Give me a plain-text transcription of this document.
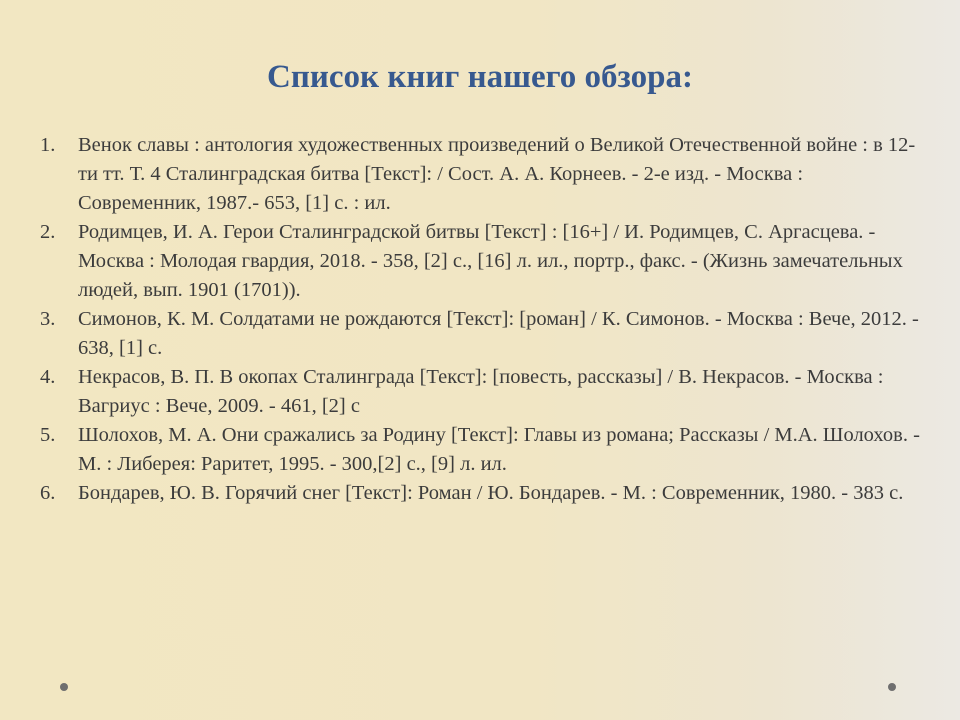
Список книг нашего обзора:
1.	Венок славы : антология художественных произведений о Великой Отечественной войне : в 12-ти тт. Т. 4 Сталинградская битва [Текст]: / Сост. А. А. Корнеев. - 2-е изд. - Москва : Современник, 1987.- 653, [1] с. : ил.
2.	Родимцев, И. А. Герои Сталинградской битвы [Текст] : [16+] / И. Родимцев, С. Аргасцева. - Москва : Молодая гвардия, 2018. - 358, [2] с., [16] л. ил., портр., факс. - (Жизнь замечательных людей, вып. 1901 (1701)).
3.	Симонов, К. М. Солдатами не рождаются [Текст]: [роман] / К. Симонов. - Москва : Вече, 2012. - 638, [1] с.
4.	Некрасов, В. П. В окопах Сталинграда [Текст]: [повесть, рассказы] / В. Некрасов. - Москва : Вагриус : Вече, 2009. - 461, [2] с
5.	Шолохов, М. А. Они сражались за Родину [Текст]: Главы из романа; Рассказы / М.А. Шолохов. - М. : Либерея: Раритет, 1995. - 300,[2] с., [9] л. ил.
6.	Бондарев, Ю. В. Горячий снег [Текст]: Роман / Ю. Бондарев. - М. : Современник, 1980. - 383 с.
